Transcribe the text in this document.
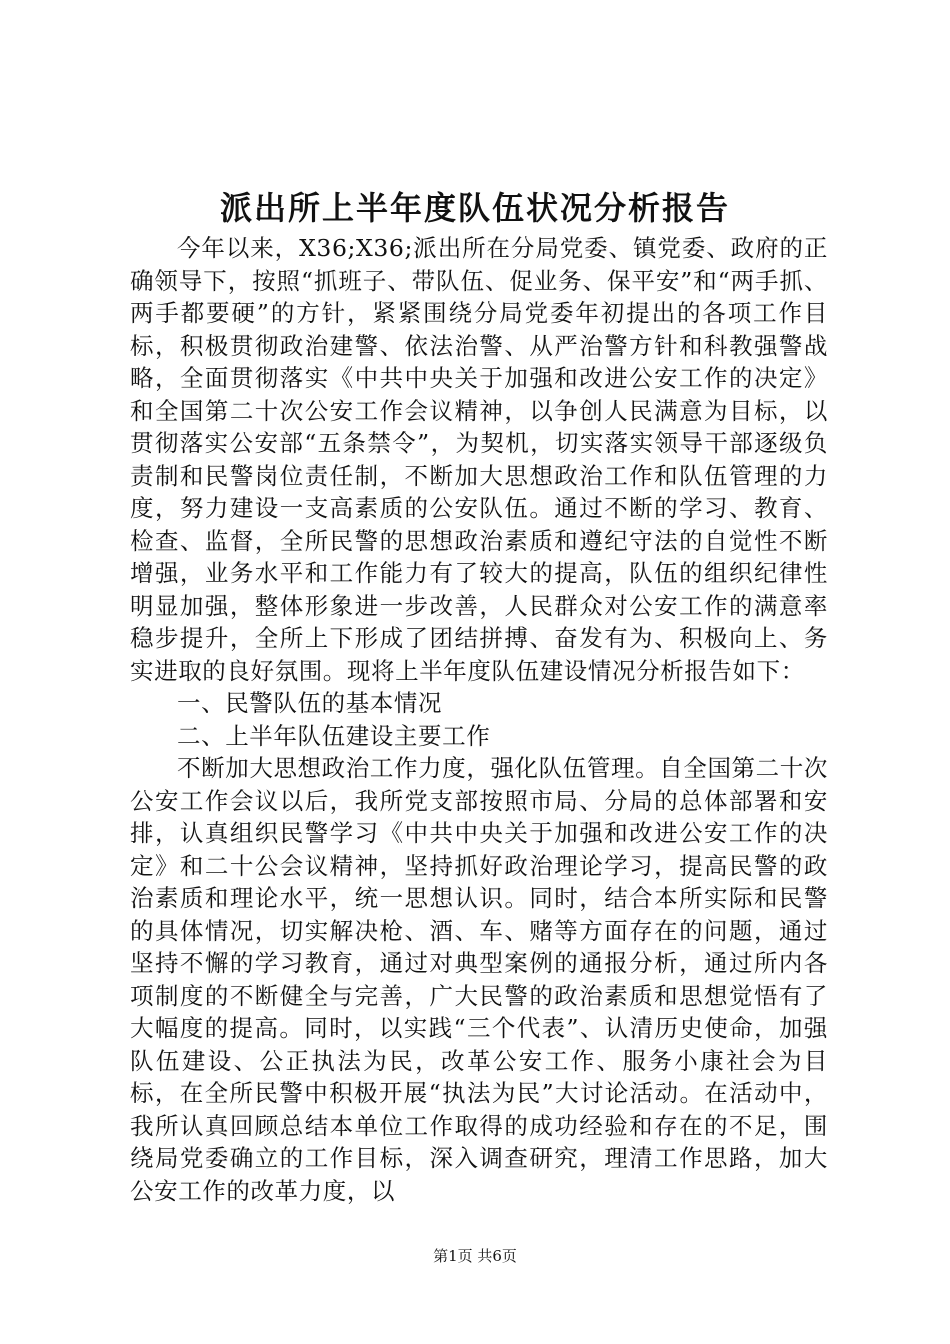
派出所上半年度队伍状况分析报告

今年以来，X36;X36;派出所在分局党委、镇党委、政府的正确领导下，按照“抓班子、带队伍、促业务、保平安”和“两手抓、两手都要硬”的方针，紧紧围绕分局党委年初提出的各项工作目标，积极贯彻政治建警、依法治警、从严治警方针和科教强警战略，全面贯彻落实《中共中央关于加强和改进公安工作的决定》和全国第二十次公安工作会议精神，以争创人民满意为目标，以贯彻落实公安部“五条禁令”，为契机，切实落实领导干部逐级负责制和民警岗位责任制，不断加大思想政治工作和队伍管理的力度，努力建设一支高素质的公安队伍。通过不断的学习、教育、检查、监督，全所民警的思想政治素质和遵纪守法的自觉性不断增强，业务水平和工作能力有了较大的提高，队伍的组织纪律性明显加强，整体形象进一步改善，人民群众对公安工作的满意率稳步提升，全所上下形成了团结拼搏、奋发有为、积极向上、务实进取的良好氛围。现将上半年度队伍建设情况分析报告如下：

一、民警队伍的基本情况

二、上半年队伍建设主要工作

不断加大思想政治工作力度，强化队伍管理。自全国第二十次公安工作会议以后，我所党支部按照市局、分局的总体部署和安排，认真组织民警学习《中共中央关于加强和改进公安工作的决定》和二十公会议精神，坚持抓好政治理论学习，提高民警的政治素质和理论水平，统一思想认识。同时，结合本所实际和民警的具体情况，切实解决枪、酒、车、赌等方面存在的问题，通过坚持不懈的学习教育，通过对典型案例的通报分析，通过所内各项制度的不断健全与完善，广大民警的政治素质和思想觉悟有了大幅度的提高。同时，以实践“三个代表”、认清历史使命，加强队伍建设、公正执法为民，改革公安工作、服务小康社会为目标，在全所民警中积极开展“执法为民”大讨论活动。在活动中，我所认真回顾总结本单位工作取得的成功经验和存在的不足，围绕局党委确立的工作目标，深入调查研究，理清工作思路，加大公安工作的改革力度，以

第1页 共6页
